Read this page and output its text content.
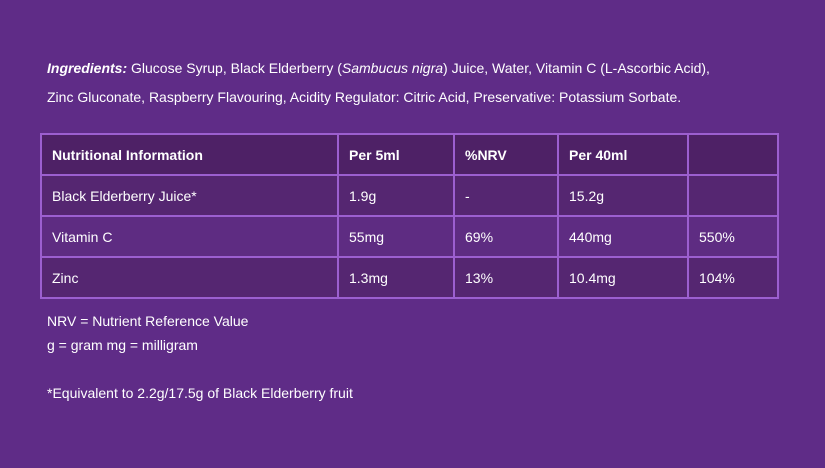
Ingredients: Glucose Syrup, Black Elderberry (Sambucus nigra) Juice, Water, Vitamin C (L-Ascorbic Acid),
Zinc Gluconate, Raspberry Flavouring, Acidity Regulator: Citric Acid, Preservative: Potassium Sorbate.

Nutritional Information	Per 5ml	%NRV	Per 40ml	
Black Elderberry Juice*	1.9g	-	15.2g	
Vitamin C	55mg	69%	440mg	550%
Zinc	1.3mg	13%	10.4mg	104%

NRV = Nutrient Reference Value

g = gram mg = milligram

*Equivalent to 2.2g/17.5g of Black Elderberry fruit
